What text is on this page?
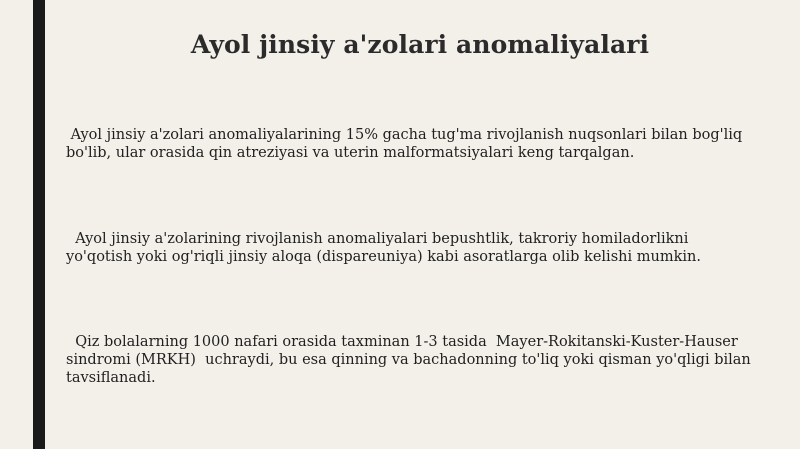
Ayol jinsiy a'zolari anomaliyalari
Ayol jinsiy a'zolari anomaliyalarining 15% gacha tug'ma rivojlanish nuqsonlari bilan bog'liq bo'lib, ular orasida qin atreziyasi va uterin malformatsiyalari keng tarqalgan.
Ayol jinsiy a'zolarining rivojlanish anomaliyalari bepushtlik, takroriy homiladorlikni yo'qotish yoki og'riqli jinsiy aloqa (dispareuniya) kabi asoratlarga olib kelishi mumkin.
Qiz bolalarning 1000 nafari orasida taxminan 1-3 tasida  Mayer-Rokitanski-Kuster-Hauser sindromi (MRKH)  uchraydi, bu esa qinning va bachadonning to'liq yoki qisman yo'qligi bilan tavsiflanadi.
